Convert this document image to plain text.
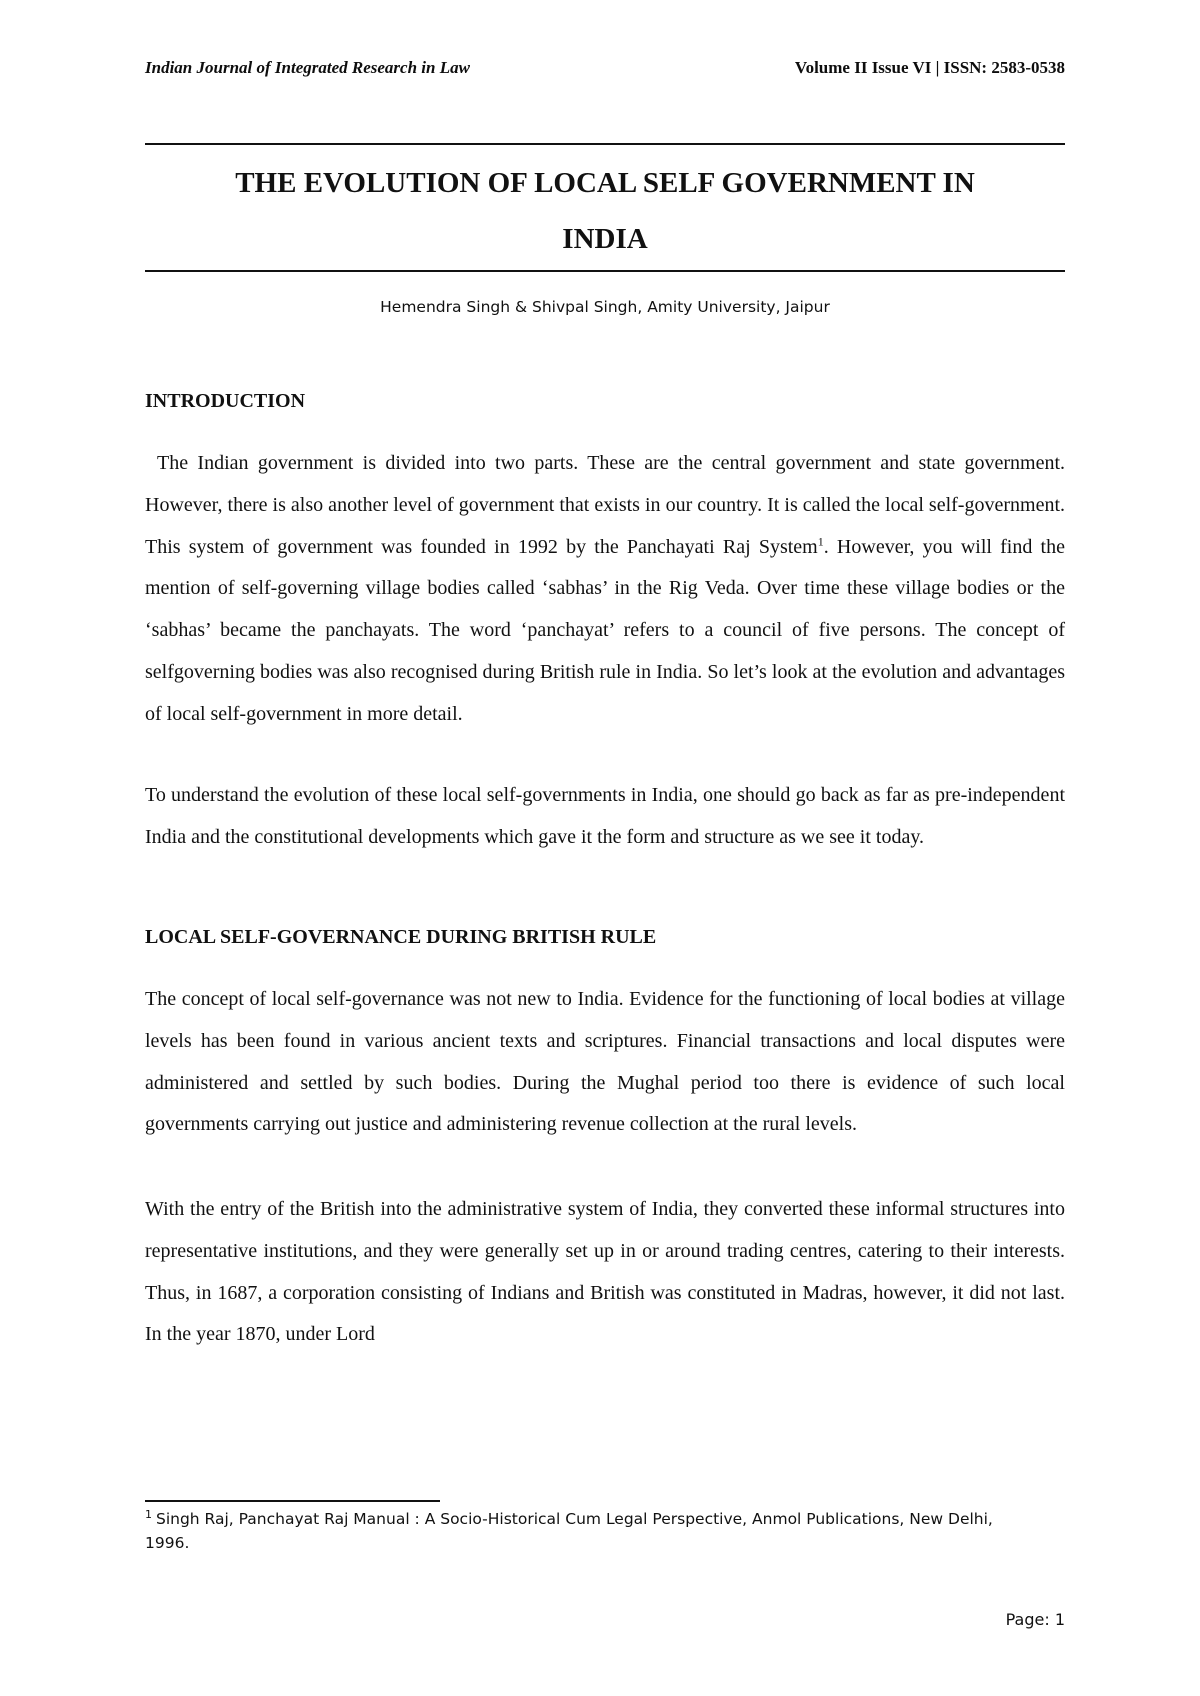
Indian Journal of Integrated Research in Law	Volume II Issue VI | ISSN: 2583-0538
THE EVOLUTION OF LOCAL SELF GOVERNMENT IN
INDIA
Hemendra Singh & Shivpal Singh, Amity University, Jaipur
INTRODUCTION

The Indian government is divided into two parts. These are the central government and state government. However, there is also another level of government that exists in our country. It is called the local self-government. This system of government was founded in 1992 by the Panchayati Raj System$^1$. However, you will find the mention of self-governing village bodies called ‘sabhas’ in the Rig Veda. Over time these village bodies or the ‘sabhas’ became the panchayats. The word ‘panchayat’ refers to a council of five persons. The concept of selfgoverning bodies was also recognised during British rule in India. So let’s look at the evolution and advantages of local self-government in more detail.

To understand the evolution of these local self-governments in India, one should go back as far as pre-independent India and the constitutional developments which gave it the form and structure as we see it today.

LOCAL SELF-GOVERNANCE DURING BRITISH RULE

The concept of local self-governance was not new to India. Evidence for the functioning of local bodies at village levels has been found in various ancient texts and scriptures. Financial transactions and local disputes were administered and settled by such bodies. During the Mughal period too there is evidence of such local governments carrying out justice and administering revenue collection at the rural levels.

With the entry of the British into the administrative system of India, they converted these informal structures into representative institutions, and they were generally set up in or around trading centres, catering to their interests. Thus, in 1687, a corporation consisting of Indians and British was constituted in Madras, however, it did not last. In the year 1870, under Lord

$^1$ Singh Raj, Panchayat Raj Manual : A Socio-Historical Cum Legal Perspective, Anmol Publications, New Delhi, 1996.

Page: 1
